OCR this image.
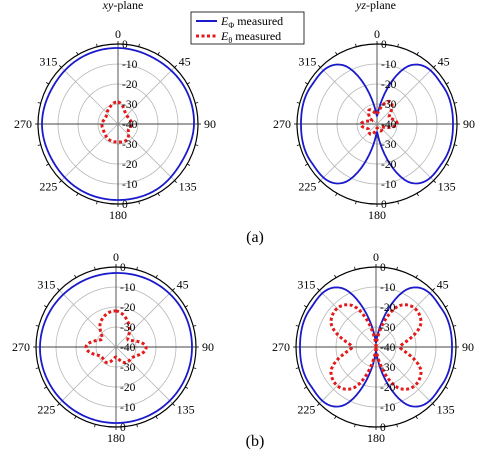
xy-plane	yz-plane
$E_\Phi$ measured
$E_\theta$ measured
(a)
(b)
0
-10
-20
-30
-40
-30
-20
-10
0
0
45
90
135
180
225
270
315
0
-10
-20
-30
-40
-30
-20
-10
0
0
45
90
135
180
225
270
315
0
-10
-20
-30
-40
-30
-20
-10
0
0
45
90
135
180
225
270
315
0
-10
-20
-30
-40
-30
-20
-10
0
0
45
90
135
180
225
270
315
